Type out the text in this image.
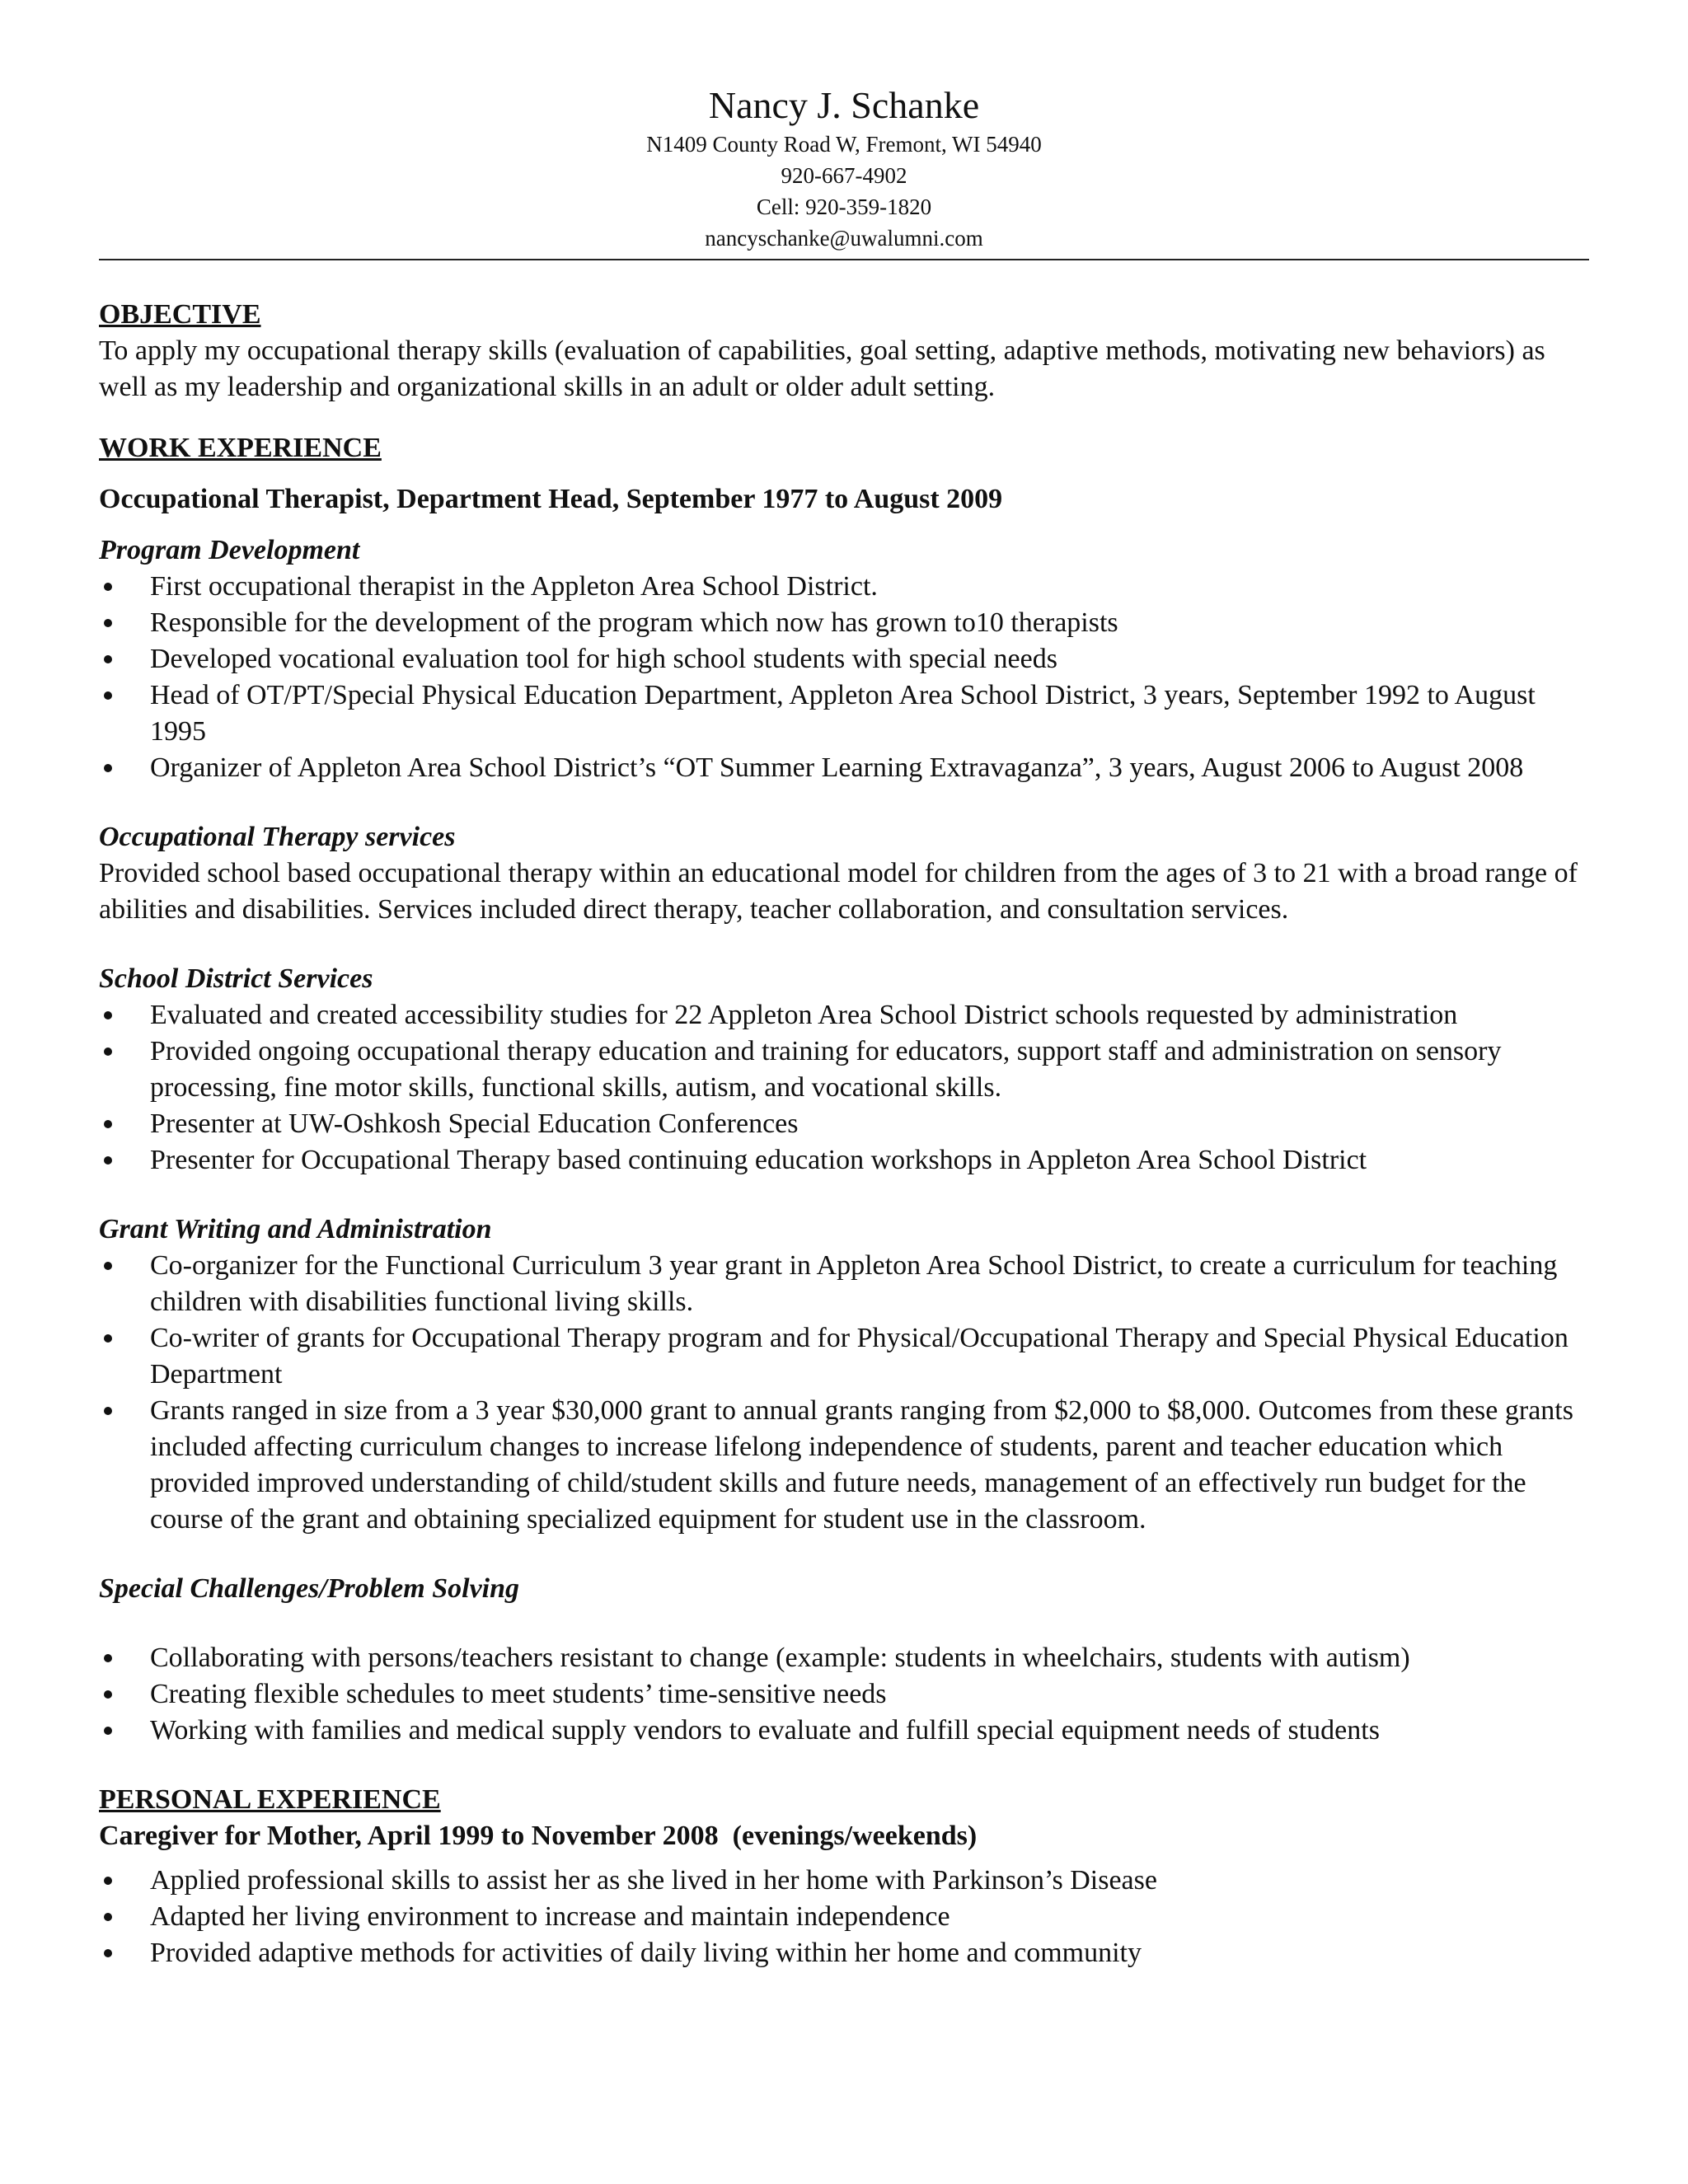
Nancy J. Schanke
N1409 County Road W, Fremont, WI 54940
920-667-4902
Cell: 920-359-1820
nancyschanke@uwalumni.com
OBJECTIVE
To apply my occupational therapy skills (evaluation of capabilities, goal setting, adaptive methods, motivating new behaviors) as well as my leadership and organizational skills in an adult or older adult setting.
WORK EXPERIENCE
Occupational Therapist, Department Head, September 1977 to August 2009
Program Development
First occupational therapist in the Appleton Area School District.
Responsible for the development of the program which now has grown to10 therapists
Developed vocational evaluation tool for high school students with special needs
Head of OT/PT/Special Physical Education Department, Appleton Area School District, 3 years, September 1992 to August 1995
Organizer of Appleton Area School District’s “OT Summer Learning Extravaganza”, 3 years, August 2006 to August 2008
Occupational Therapy services
Provided school based occupational therapy within an educational model for children from the ages of 3 to 21 with a broad range of abilities and disabilities. Services included direct therapy, teacher collaboration, and consultation services.
School District Services
Evaluated and created accessibility studies for 22 Appleton Area School District schools requested by administration
Provided ongoing occupational therapy education and training for educators, support staff and administration on sensory processing, fine motor skills, functional skills, autism, and vocational skills.
Presenter at UW-Oshkosh Special Education Conferences
Presenter for Occupational Therapy based continuing education workshops in Appleton Area School District
Grant Writing and Administration
Co-organizer for the Functional Curriculum 3 year grant in Appleton Area School District, to create a curriculum for teaching children with disabilities functional living skills.
Co-writer of grants for Occupational Therapy program and for Physical/Occupational Therapy and Special Physical Education Department
Grants ranged in size from a 3 year $30,000 grant to annual grants ranging from $2,000 to $8,000. Outcomes from these grants included affecting curriculum changes to increase lifelong independence of students, parent and teacher education which provided improved understanding of child/student skills and future needs, management of an effectively run budget for the course of the grant and obtaining specialized equipment for student use in the classroom.
Special Challenges/Problem Solving
Collaborating with persons/teachers resistant to change (example: students in wheelchairs, students with autism)
Creating flexible schedules to meet students’ time-sensitive needs
Working with families and medical supply vendors to evaluate and fulfill special equipment needs of students
PERSONAL EXPERIENCE
Caregiver for Mother, April 1999 to November 2008  (evenings/weekends)
Applied professional skills to assist her as she lived in her home with Parkinson’s Disease
Adapted her living environment to increase and maintain independence
Provided adaptive methods for activities of daily living within her home and community
